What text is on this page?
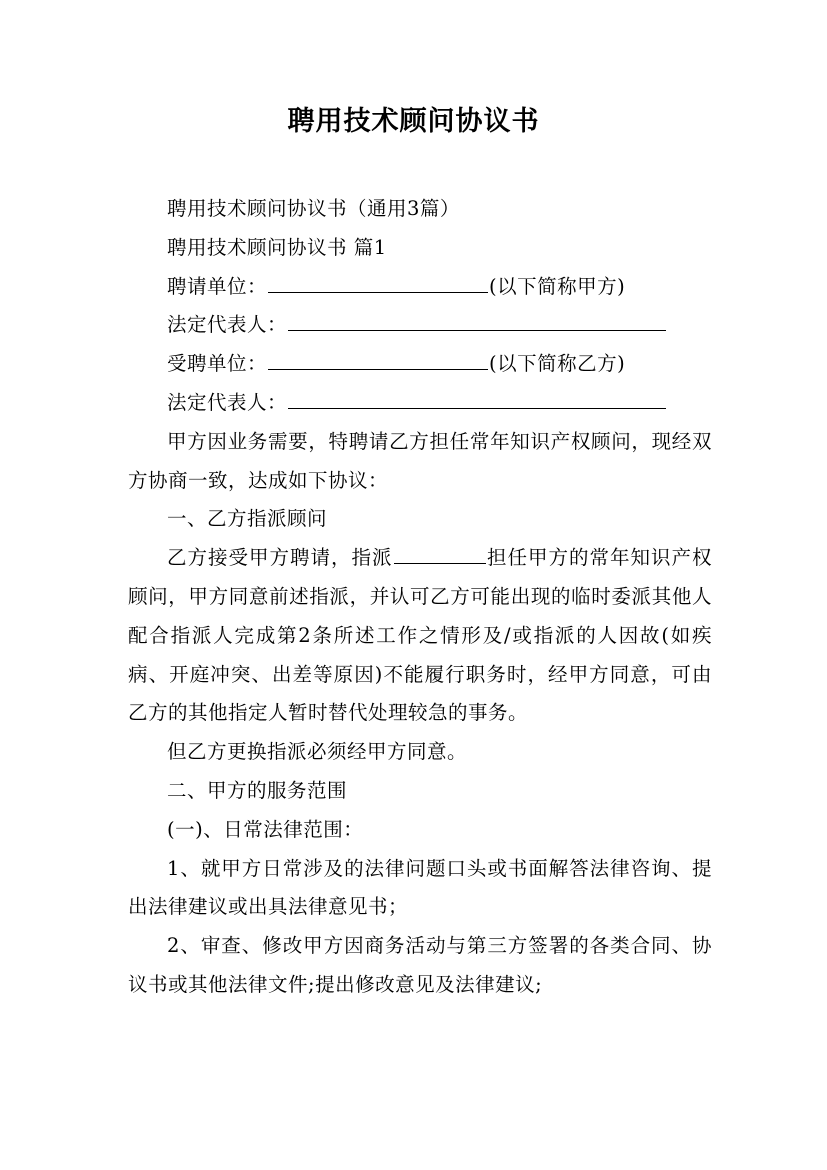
聘用技术顾问协议书

聘用技术顾问协议书（通用3篇）

聘用技术顾问协议书 篇1

聘请单位：	(以下简称甲方)

法定代表人：

受聘单位：	(以下简称乙方)

法定代表人：

甲方因业务需要，特聘请乙方担任常年知识产权顾问，现经双方协商一致，达成如下协议：

一、乙方指派顾问

乙方接受甲方聘请，指派	担任甲方的常年知识产权顾问，甲方同意前述指派，并认可乙方可能出现的临时委派其他人配合指派人完成第2条所述工作之情形及/或指派的人因故(如疾病、开庭冲突、出差等原因)不能履行职务时，经甲方同意，可由乙方的其他指定人暂时替代处理较急的事务。

但乙方更换指派必须经甲方同意。

二、甲方的服务范围

(一)、日常法律范围：

1、就甲方日常涉及的法律问题口头或书面解答法律咨询、提出法律建议或出具法律意见书；

2、审查、修改甲方因商务活动与第三方签署的各类合同、协议书或其他法律文件;提出修改意见及法律建议;
